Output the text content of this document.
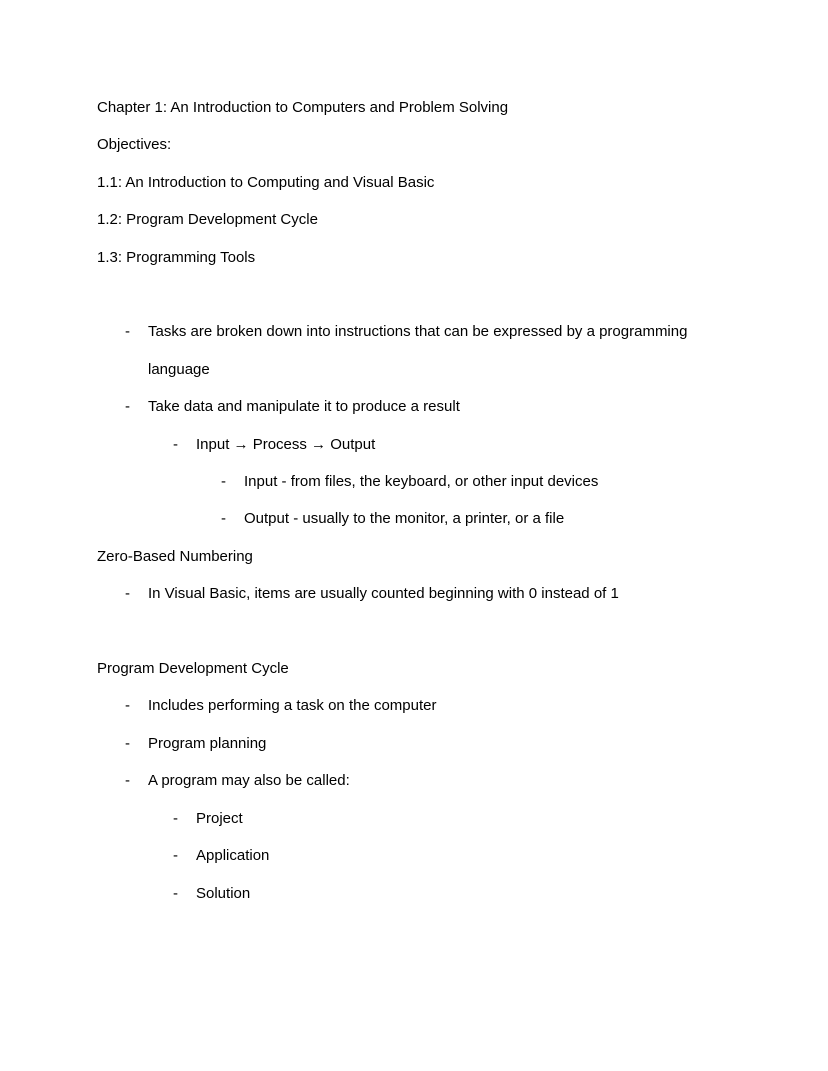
Chapter 1: An Introduction to Computers and Problem Solving
Objectives:
1.1: An Introduction to Computing and Visual Basic
1.2: Program Development Cycle
1.3: Programming Tools
-	Tasks are broken down into instructions that can be expressed by a programming language
-	Take data and manipulate it to produce a result
-	Input → Process → Output
-	Input - from files, the keyboard, or other input devices
-	Output - usually to the monitor, a printer, or a file
Zero-Based Numbering
-	In Visual Basic, items are usually counted beginning with 0 instead of 1
Program Development Cycle
-	Includes performing a task on the computer
-	Program planning
-	A program may also be called:
-	Project
-	Application
-	Solution
